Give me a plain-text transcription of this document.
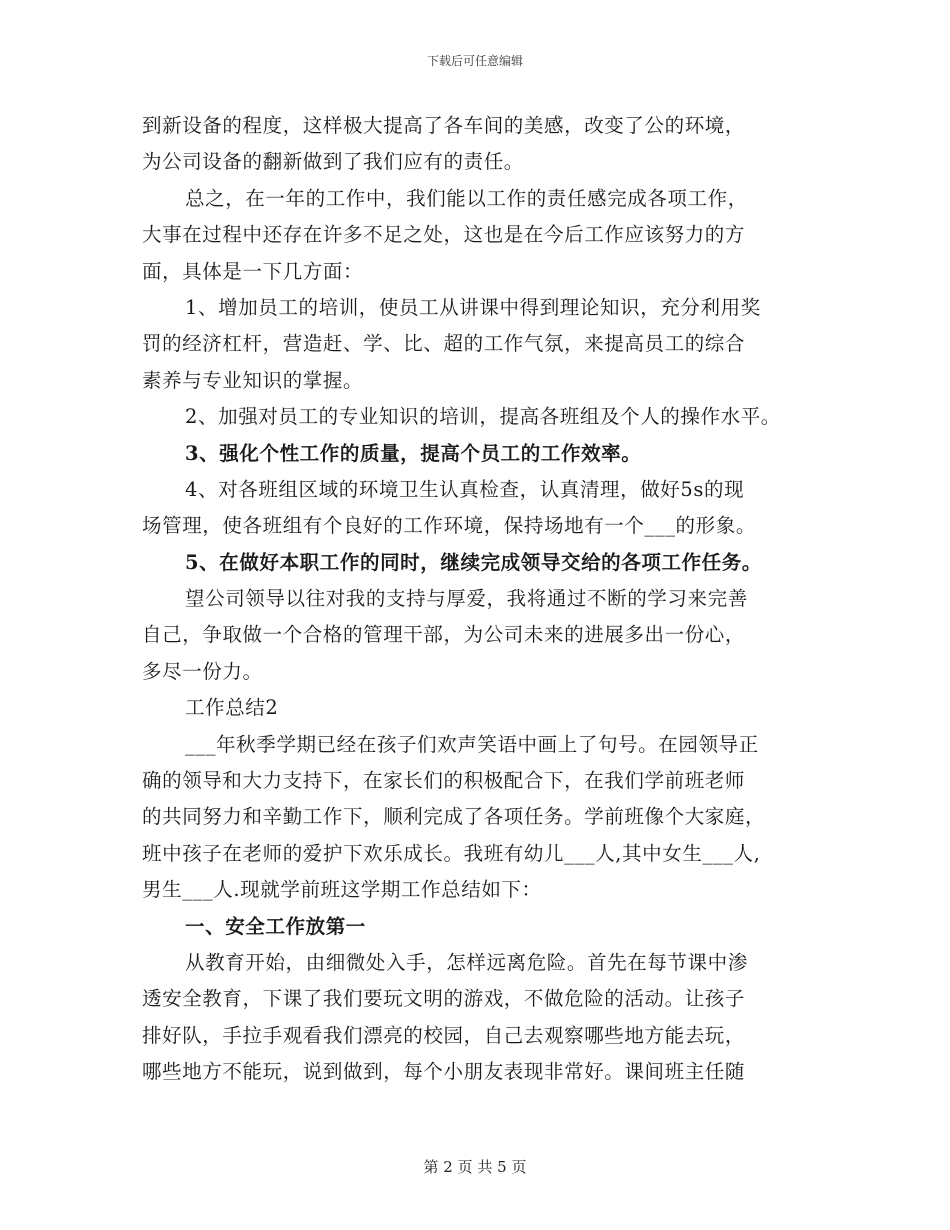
下载后可任意编辑
到新设备的程度，这样极大提高了各车间的美感，改变了公的环境，
为公司设备的翻新做到了我们应有的责任。
总之，在一年的工作中，我们能以工作的责任感完成各项工作，
大事在过程中还存在许多不足之处，这也是在今后工作应该努力的方
面，具体是一下几方面：
1、增加员工的培训，使员工从讲课中得到理论知识，充分利用奖
罚的经济杠杆，营造赶、学、比、超的工作气氛，来提高员工的综合
素养与专业知识的掌握。
2、加强对员工的专业知识的培训，提高各班组及个人的操作水平。
3、强化个性工作的质量，提高个员工的工作效率。
4、对各班组区域的环境卫生认真检查，认真清理，做好5s的现
场管理，使各班组有个良好的工作环境，保持场地有一个___的形象。
5、在做好本职工作的同时，继续完成领导交给的各项工作任务。
望公司领导以往对我的支持与厚爱，我将通过不断的学习来完善
自己，争取做一个合格的管理干部，为公司未来的进展多出一份心，
多尽一份力。
工作总结2
___年秋季学期已经在孩子们欢声笑语中画上了句号。在园领导正
确的领导和大力支持下，在家长们的积极配合下，在我们学前班老师
的共同努力和辛勤工作下，顺利完成了各项任务。学前班像个大家庭，
班中孩子在老师的爱护下欢乐成长。我班有幼儿___人,其中女生___人,
男生___人.现就学前班这学期工作总结如下：
一、安全工作放第一
从教育开始，由细微处入手，怎样远离危险。首先在每节课中渗
透安全教育，下课了我们要玩文明的游戏，不做危险的活动。让孩子
排好队，手拉手观看我们漂亮的校园，自己去观察哪些地方能去玩，
哪些地方不能玩，说到做到，每个小朋友表现非常好。课间班主任随
第 2 页 共 5 页
